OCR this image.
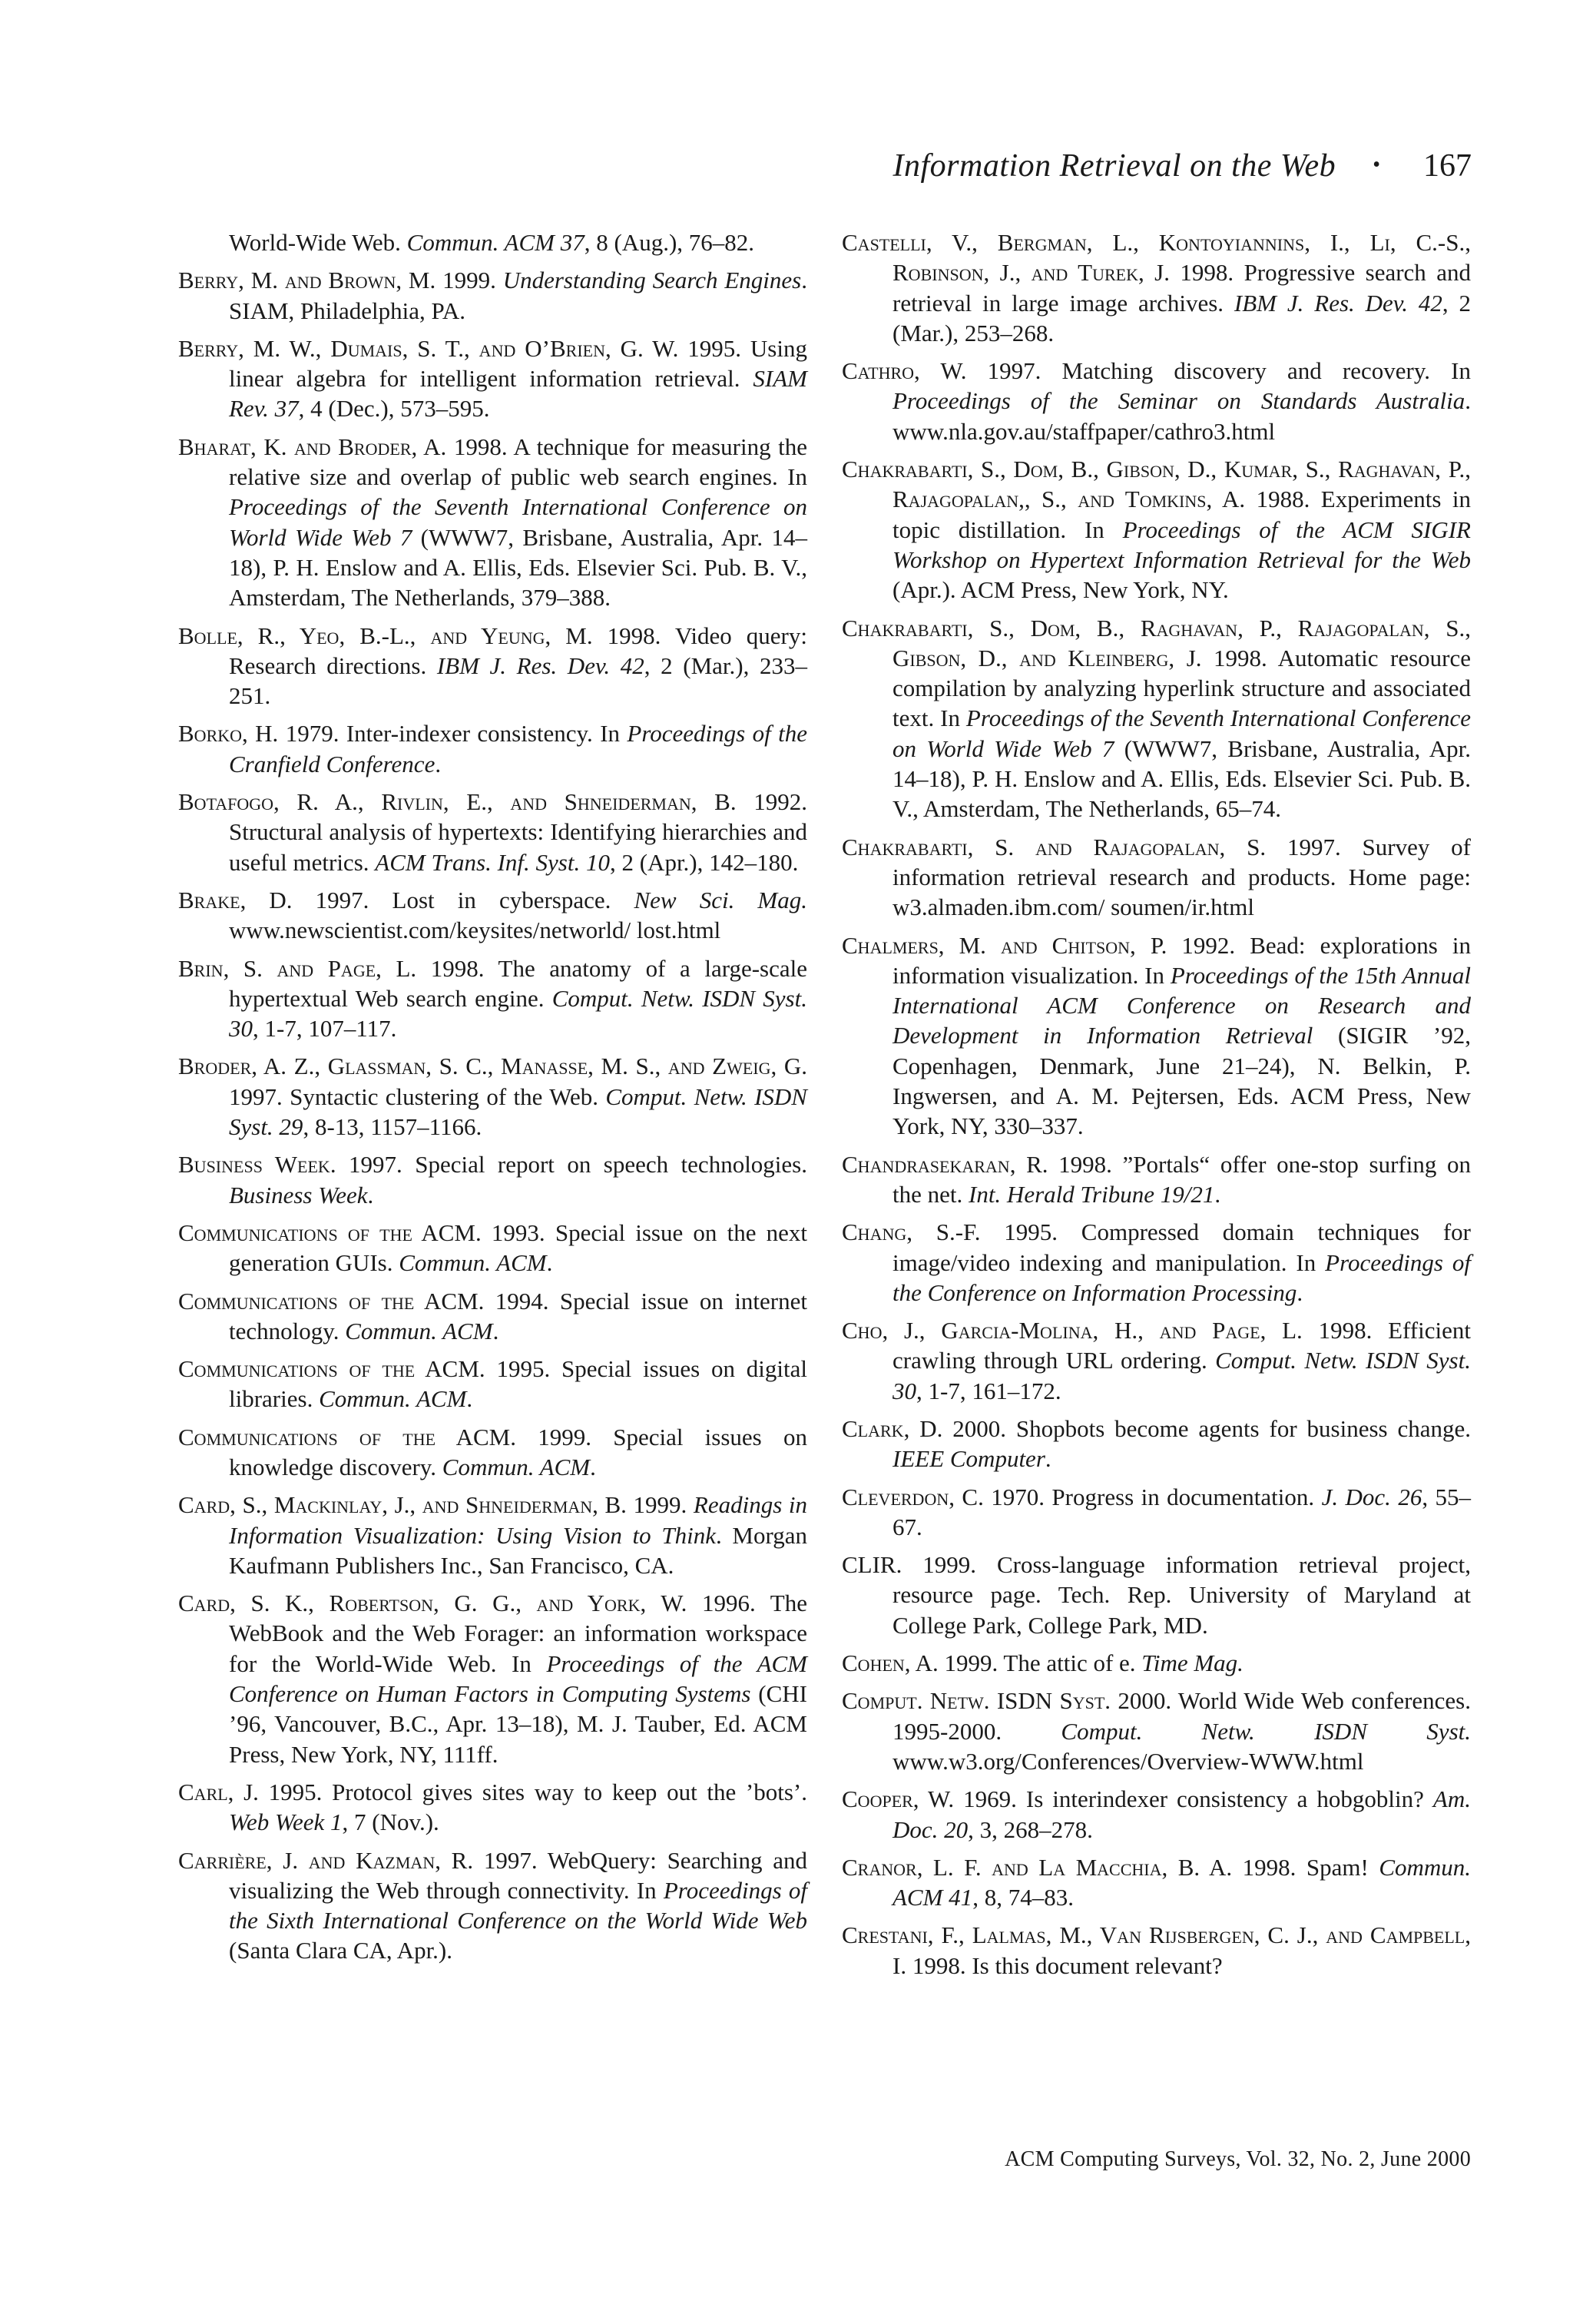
Information Retrieval on the Web • 167

World-Wide Web. Commun. ACM 37, 8 (Aug.), 76–82.

Berry, M. and Brown, M. 1999. Understanding Search Engines. SIAM, Philadelphia, PA.

Berry, M. W., Dumais, S. T., and O’Brien, G. W. 1995. Using linear algebra for intelligent information retrieval. SIAM Rev. 37, 4 (Dec.), 573–595.

Bharat, K. and Broder, A. 1998. A technique for measuring the relative size and overlap of public web search engines. In Proceedings of the Seventh International Conference on World Wide Web 7 (WWW7, Brisbane, Australia, Apr. 14–18), P. H. Enslow and A. Ellis, Eds. Elsevier Sci. Pub. B. V., Amsterdam, The Netherlands, 379–388.

Bolle, R., Yeo, B.-L., and Yeung, M. 1998. Video query: Research directions. IBM J. Res. Dev. 42, 2 (Mar.), 233–251.

Borko, H. 1979. Inter-indexer consistency. In Proceedings of the Cranfield Conference.

Botafogo, R. A., Rivlin, E., and Shneiderman, B. 1992. Structural analysis of hypertexts: Identifying hierarchies and useful metrics. ACM Trans. Inf. Syst. 10, 2 (Apr.), 142–180.

Brake, D. 1997. Lost in cyberspace. New Sci. Mag. www.newscientist.com/keysites/networld/ lost.html

Brin, S. and Page, L. 1998. The anatomy of a large-scale hypertextual Web search engine. Comput. Netw. ISDN Syst. 30, 1-7, 107–117.

Broder, A. Z., Glassman, S. C., Manasse, M. S., and Zweig, G. 1997. Syntactic clustering of the Web. Comput. Netw. ISDN Syst. 29, 8-13, 1157–1166.

Business Week. 1997. Special report on speech technologies. Business Week.

Communications of the ACM. 1993. Special issue on the next generation GUIs. Commun. ACM.

Communications of the ACM. 1994. Special issue on internet technology. Commun. ACM.

Communications of the ACM. 1995. Special issues on digital libraries. Commun. ACM.

Communications of the ACM. 1999. Special issues on knowledge discovery. Commun. ACM.

Card, S., Mackinlay, J., and Shneiderman, B. 1999. Readings in Information Visualization: Using Vision to Think. Morgan Kaufmann Publishers Inc., San Francisco, CA.

Card, S. K., Robertson, G. G., and York, W. 1996. The WebBook and the Web Forager: an information workspace for the World-Wide Web. In Proceedings of the ACM Conference on Human Factors in Computing Systems (CHI ’96, Vancouver, B.C., Apr. 13–18), M. J. Tauber, Ed. ACM Press, New York, NY, 111ff.

Carl, J. 1995. Protocol gives sites way to keep out the ’bots’. Web Week 1, 7 (Nov.).

Carrière, J. and Kazman, R. 1997. WebQuery: Searching and visualizing the Web through connectivity. In Proceedings of the Sixth International Conference on the World Wide Web (Santa Clara CA, Apr.).

Castelli, V., Bergman, L., Kontoyiannins, I., Li, C.-S., Robinson, J., and Turek, J. 1998. Progressive search and retrieval in large image archives. IBM J. Res. Dev. 42, 2 (Mar.), 253–268.

Cathro, W. 1997. Matching discovery and recovery. In Proceedings of the Seminar on Standards Australia. www.nla.gov.au/staffpaper/cathro3.html

Chakrabarti, S., Dom, B., Gibson, D., Kumar, S., Raghavan, P., Rajagopalan,, S., and Tomkins, A. 1988. Experiments in topic distillation. In Proceedings of the ACM SIGIR Workshop on Hypertext Information Retrieval for the Web (Apr.). ACM Press, New York, NY.

Chakrabarti, S., Dom, B., Raghavan, P., Rajagopalan, S., Gibson, D., and Kleinberg, J. 1998. Automatic resource compilation by analyzing hyperlink structure and associated text. In Proceedings of the Seventh International Conference on World Wide Web 7 (WWW7, Brisbane, Australia, Apr. 14–18), P. H. Enslow and A. Ellis, Eds. Elsevier Sci. Pub. B. V., Amsterdam, The Netherlands, 65–74.

Chakrabarti, S. and Rajagopalan, S. 1997. Survey of information retrieval research and products. Home page: w3.almaden.ibm.com/ soumen/ir.html

Chalmers, M. and Chitson, P. 1992. Bead: explorations in information visualization. In Proceedings of the 15th Annual International ACM Conference on Research and Development in Information Retrieval (SIGIR ’92, Copenhagen, Denmark, June 21–24), N. Belkin, P. Ingwersen, and A. M. Pejtersen, Eds. ACM Press, New York, NY, 330–337.

Chandrasekaran, R. 1998. ”Portals“ offer one-stop surfing on the net. Int. Herald Tribune 19/21.

Chang, S.-F. 1995. Compressed domain techniques for image/video indexing and manipulation. In Proceedings of the Conference on Information Processing.

Cho, J., Garcia-Molina, H., and Page, L. 1998. Efficient crawling through URL ordering. Comput. Netw. ISDN Syst. 30, 1-7, 161–172.

Clark, D. 2000. Shopbots become agents for business change. IEEE Computer.

Cleverdon, C. 1970. Progress in documentation. J. Doc. 26, 55–67.

CLIR. 1999. Cross-language information retrieval project, resource page. Tech. Rep. University of Maryland at College Park, College Park, MD.

Cohen, A. 1999. The attic of e. Time Mag.

Comput. Netw. ISDN Syst. 2000. World Wide Web conferences. 1995-2000. Comput. Netw. ISDN Syst. www.w3.org/Conferences/Overview-WWW.html

Cooper, W. 1969. Is interindexer consistency a hobgoblin? Am. Doc. 20, 3, 268–278.

Cranor, L. F. and La Macchia, B. A. 1998. Spam! Commun. ACM 41, 8, 74–83.

Crestani, F., Lalmas, M., Van Rijsbergen, C. J., and Campbell, I. 1998. Is this document relevant?

ACM Computing Surveys, Vol. 32, No. 2, June 2000
